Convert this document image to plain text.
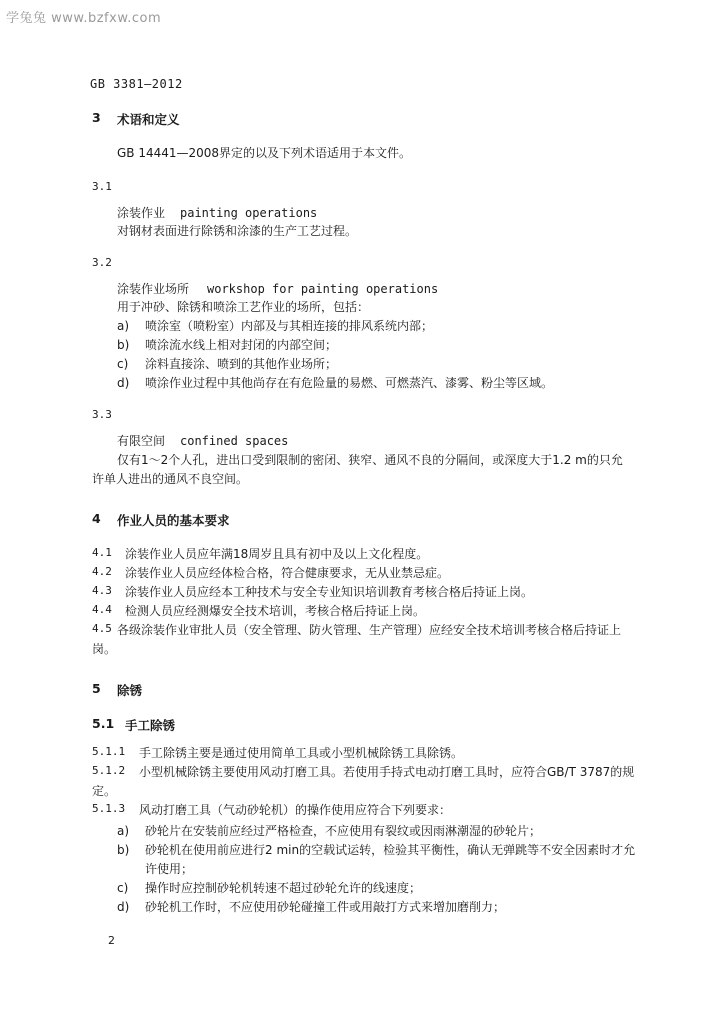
学兔兔 www.bzfxw.com
GB 3381—2012
3 术语和定义
GB 14441—2008界定的以及下列术语适用于本文件。
3.1
涂装作业 painting operations
对钢材表面进行除锈和涂漆的生产工艺过程。
3.2
涂装作业场所 workshop for painting operations
用于冲砂、除锈和喷涂工艺作业的场所，包括：
a) 喷涂室（喷粉室）内部及与其相连接的排风系统内部；
b) 喷涂流水线上相对封闭的内部空间；
c) 涂料直接涂、喷到的其他作业场所；
d) 喷涂作业过程中其他尚存在有危险量的易燃、可燃蒸汽、漆雾、粉尘等区域。
3.3
有限空间 confined spaces
仅有1～2个人孔，进出口受到限制的密闭、狭窄、通风不良的分隔间，或深度大于1.2 m的只允
许单人进出的通风不良空间。
4 作业人员的基本要求
4.1 涂装作业人员应年满18周岁且具有初中及以上文化程度。
4.2 涂装作业人员应经体检合格，符合健康要求，无从业禁忌症。
4.3 涂装作业人员应经本工种技术与安全专业知识培训教育考核合格后持证上岗。
4.4 检测人员应经测爆安全技术培训，考核合格后持证上岗。
4.5 各级涂装作业审批人员（安全管理、防火管理、生产管理）应经安全技术培训考核合格后持证上
岗。
5 除锈
5.1 手工除锈
5.1.1 手工除锈主要是通过使用简单工具或小型机械除锈工具除锈。
5.1.2 小型机械除锈主要使用风动打磨工具。若使用手持式电动打磨工具时，应符合GB/T 3787的规
定。
5.1.3 风动打磨工具（气动砂轮机）的操作使用应符合下列要求：
a) 砂轮片在安装前应经过严格检查，不应使用有裂纹或因雨淋潮湿的砂轮片；
b) 砂轮机在使用前应进行2 min的空载试运转，检验其平衡性，确认无弹跳等不安全因素时才允
许使用；
c) 操作时应控制砂轮机转速不超过砂轮允许的线速度；
d) 砂轮机工作时，不应使用砂轮碰撞工件或用敲打方式来增加磨削力；
2
